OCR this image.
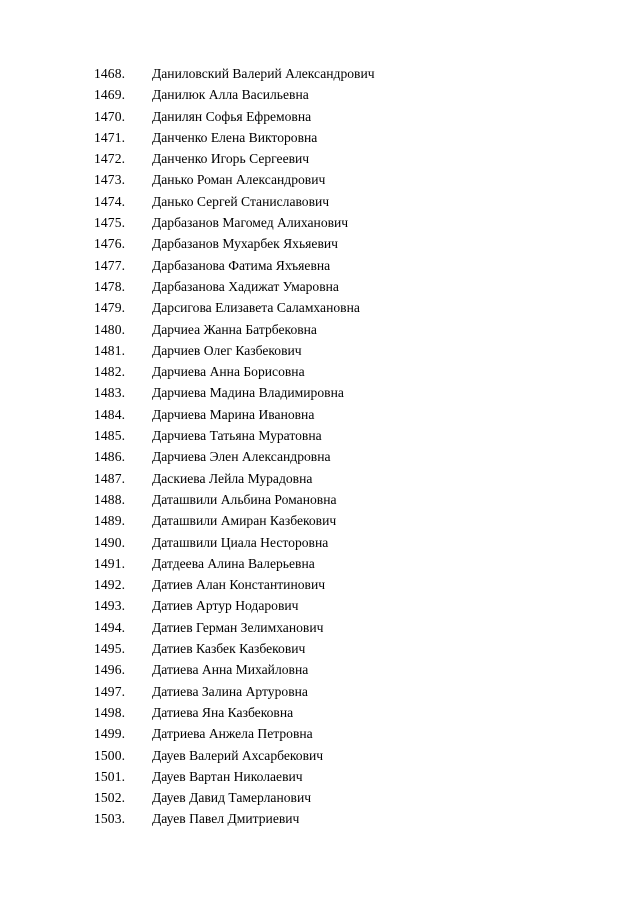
1468.	Даниловский Валерий Александрович
1469.	Данилюк Алла Васильевна
1470.	Данилян Софья Ефремовна
1471.	Данченко Елена Викторовна
1472.	Данченко Игорь Сергеевич
1473.	Данько Роман Александрович
1474.	Данько Сергей Станиславович
1475.	Дарбазанов Магомед Алиханович
1476.	Дарбазанов Мухарбек Яхьяевич
1477.	Дарбазанова Фатима Яхъяевна
1478.	Дарбазанова Хадижат Умаровна
1479.	Дарсигова Елизавета Саламхановна
1480.	Дарчиеа Жанна Батрбековна
1481.	Дарчиев Олег Казбекович
1482.	Дарчиева Анна Борисовна
1483.	Дарчиева Мадина Владимировна
1484.	Дарчиева Марина Ивановна
1485.	Дарчиева Татьяна Муратовна
1486.	Дарчиева Элен Александровна
1487.	Даскиева Лейла Мурадовна
1488.	Даташвили Альбина Романовна
1489.	Даташвили Амиран Казбекович
1490.	Даташвили Циала Несторовна
1491.	Датдеева Алина Валерьевна
1492.	Датиев Алан Константинович
1493.	Датиев Артур Нодарович
1494.	Датиев Герман Зелимханович
1495.	Датиев Казбек Казбекович
1496.	Датиева Анна Михайловна
1497.	Датиева Залина Артуровна
1498.	Датиева Яна Казбековна
1499.	Датриева Анжела Петровна
1500.	Дауев Валерий Ахсарбекович
1501.	Дауев Вартан Николаевич
1502.	Дауев Давид Тамерланович
1503.	Дауев Павел Дмитриевич
